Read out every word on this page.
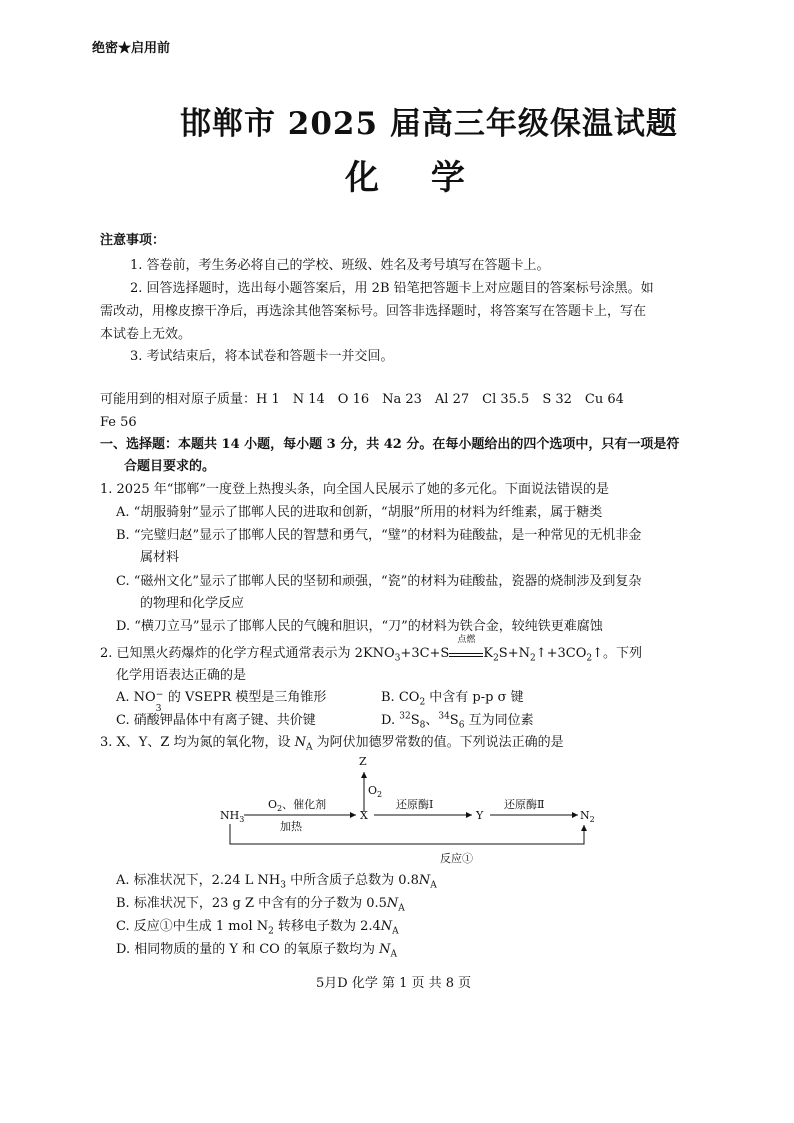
绝密★启用前
邯郸市 2025 届高三年级保温试题
化 学
注意事项：
1. 答卷前，考生务必将自己的学校、班级、姓名及考号填写在答题卡上。
2. 回答选择题时，选出每小题答案后，用 2B 铅笔把答题卡上对应题目的答案标号涂黑。如
需改动，用橡皮擦干净后，再选涂其他答案标号。回答非选择题时，将答案写在答题卡上，写在
本试卷上无效。
3. 考试结束后，将本试卷和答题卡一并交回。
可能用到的相对原子质量：H 1　N 14　O 16　Na 23　Al 27　Cl 35.5　S 32　Cu 64
Fe 56
一、选择题：本题共 14 小题，每小题 3 分，共 42 分。在每小题给出的四个选项中，只有一项是符
合题目要求的。
1. 2025 年“邯郸”一度登上热搜头条，向全国人民展示了她的多元化。下面说法错误的是
A. “胡服骑射”显示了邯郸人民的进取和创新，“胡服”所用的材料为纤维素，属于糖类
B. “完璧归赵”显示了邯郸人民的智慧和勇气，“璧”的材料为硅酸盐，是一种常见的无机非金
属材料
C. “磁州文化”显示了邯郸人民的坚韧和顽强，“瓷”的材料为硅酸盐，瓷器的烧制涉及到复杂
的物理和化学反应
D. “横刀立马”显示了邯郸人民的气魄和胆识，“刀”的材料为铁合金，较纯铁更难腐蚀
2. 已知黑火药爆炸的化学方程式通常表示为 $2KNO_3+3C+S$
点燃
$K_2S+N_2↑+3CO_2↑$。下列
化学用语表达正确的是
A. NO −
3
的 VSEPR 模型是三角锥形	B. $CO_2$ 中含有 p-p σ 键
C. 硝酸钾晶体中有离子键、共价键	D. $^{32}S_8$、$^{34}S_6$ 互为同位素
3. X、Y、Z 均为氮的氧化物，设 $N_A$ 为阿伏加德罗常数的值。下列说法正确的是
Z
$O_2$
$NH_3$
$O_2$、催化剂
加热
X
还原酶Ⅰ
Y
还原酶Ⅱ
$N_2$
反应①
A. 标准状况下，2.24 L $NH_3$ 中所含质子总数为 $0.8N_A$
B. 标准状况下，23 g Z 中含有的分子数为 $0.5N_A$
C. 反应①中生成 1 mol $N_2$ 转移电子数为 $2.4N_A$
D. 相同物质的量的 Y 和 CO 的氧原子数均为 $N_A$
5月D 化学 第 1 页 共 8 页
